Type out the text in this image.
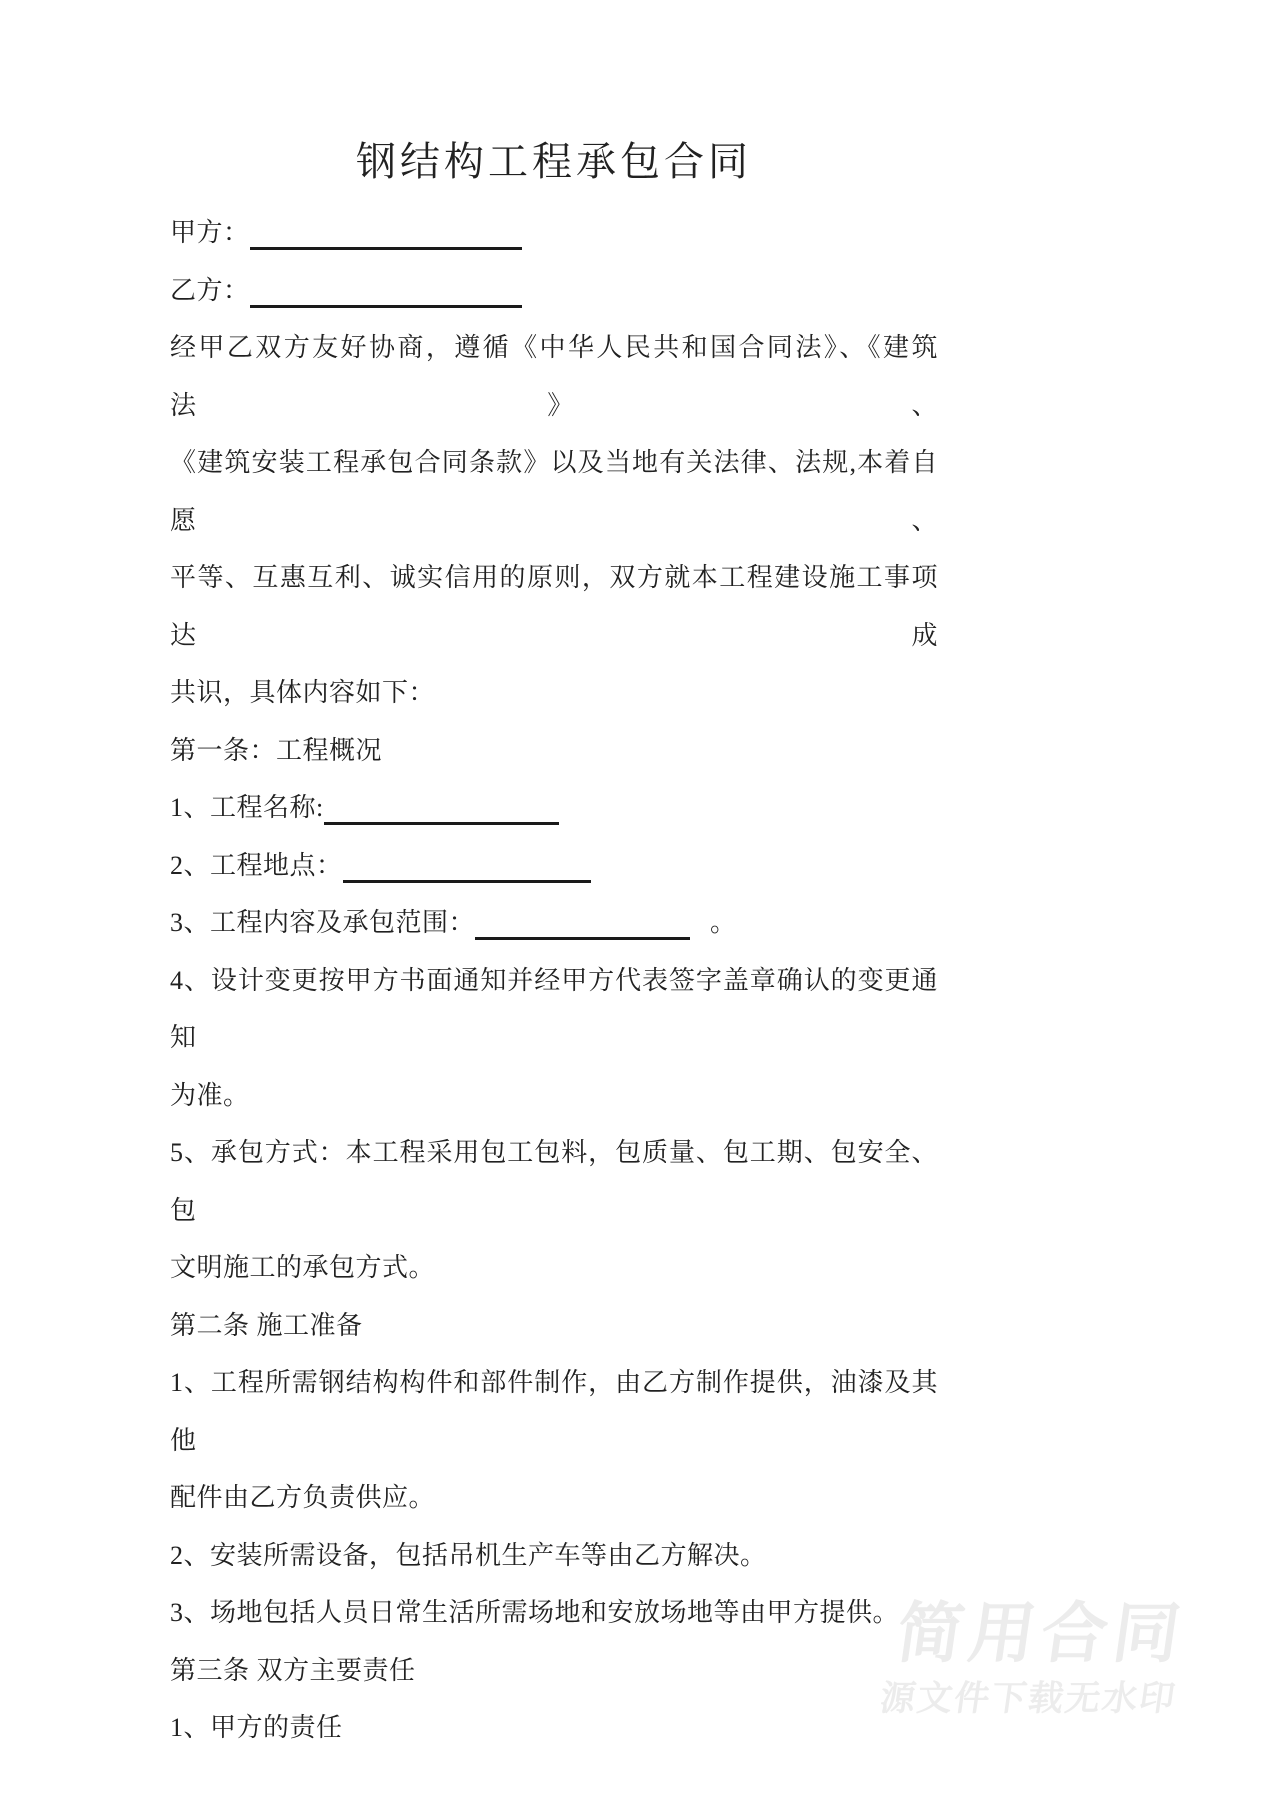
钢结构工程承包合同
甲方：
乙方：
经甲乙双方友好协商，遵循《中华人民共和国合同法》、《建筑法》、
《建筑安装工程承包合同条款》以及当地有关法律、法规,本着自愿、
平等、互惠互利、诚实信用的原则，双方就本工程建设施工事项达成
共识，具体内容如下：
第一条：工程概况
1、工程名称:
2、工程地点：
3、工程内容及承包范围：	。
4、设计变更按甲方书面通知并经甲方代表签字盖章确认的变更通知
为准。
5、承包方式：本工程采用包工包料，包质量、包工期、包安全、包
文明施工的承包方式。
第二条 施工准备
1、工程所需钢结构构件和部件制作，由乙方制作提供，油漆及其他
配件由乙方负责供应。
2、安装所需设备，包括吊机生产车等由乙方解决。
3、场地包括人员日常生活所需场地和安放场地等由甲方提供。
第三条 双方主要责任
1、甲方的责任
简用合同
源文件下载无水印
